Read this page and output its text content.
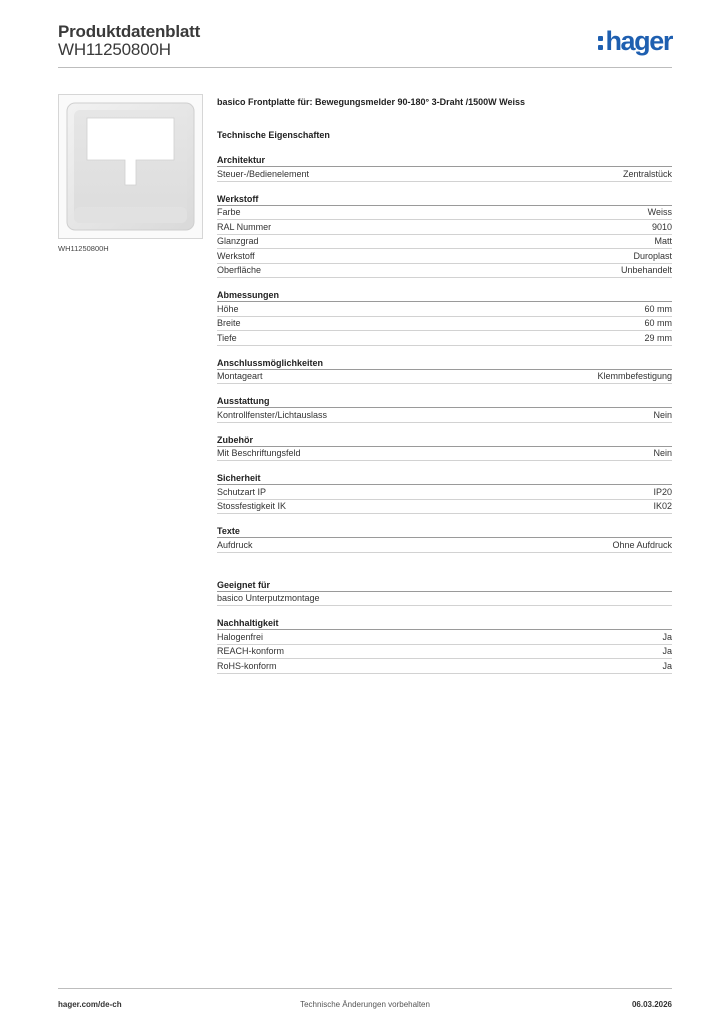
Produktdatenblatt
WH11250800H	hager
WH11250800H
basico Frontplatte für: Bewegungsmelder 90-180° 3-Draht /1500W Weiss
Technische Eigenschaften
Architektur
Steuer-/Bedienelement	Zentralstück
Werkstoff
Farbe	Weiss
RAL Nummer	9010
Glanzgrad	Matt
Werkstoff	Duroplast
Oberfläche	Unbehandelt
Abmessungen
Höhe	60 mm
Breite	60 mm
Tiefe	29 mm
Anschlussmöglichkeiten
Montageart	Klemmbefestigung
Ausstattung
Kontrollfenster/Lichtauslass	Nein
Zubehör
Mit Beschriftungsfeld	Nein
Sicherheit
Schutzart IP	IP20
Stossfestigkeit IK	IK02
Texte
Aufdruck	Ohne Aufdruck
Geeignet für
basico Unterputzmontage
Nachhaltigkeit
Halogenfrei	Ja
REACH-konform	Ja
RoHS-konform	Ja
hager.com/de-ch	Technische Änderungen vorbehalten	06.03.2026
